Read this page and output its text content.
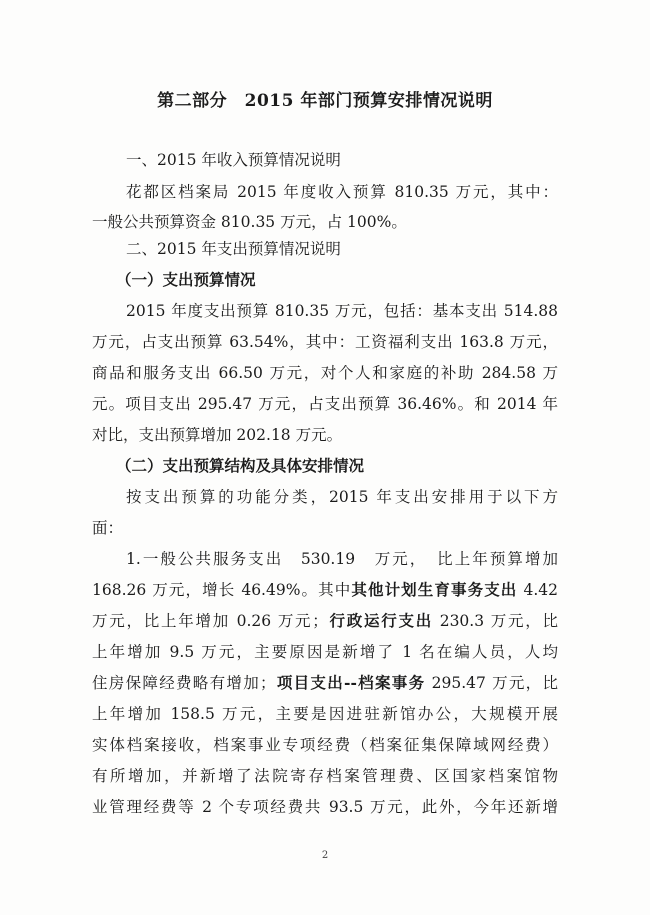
第二部分　2015 年部门预算安排情况说明
一、2015 年收入预算情况说明
花都区档案局 2015 年度收入预算 810.35 万元，其中：
一般公共预算资金 810.35 万元，占 100%。
二、2015 年支出预算情况说明
（一）支出预算情况
2015 年度支出预算 810.35 万元，包括：基本支出 514.88
万元，占支出预算 63.54%，其中：工资福利支出 163.8 万元，
商品和服务支出 66.50 万元，对个人和家庭的补助 284.58 万
元。项目支出 295.47 万元，占支出预算 36.46%。和 2014 年
对比，支出预算增加 202.18 万元。
（二）支出预算结构及具体安排情况
按支出预算的功能分类，2015 年支出安排用于以下方
面：
1.一般公共服务支出　530.19　万元，　比上年预算增加
168.26 万元，增长 46.49%。其中其他计划生育事务支出 4.42
万元，比上年增加 0.26 万元；行政运行支出 230.3 万元，比
上年增加 9.5 万元，主要原因是新增了 1 名在编人员，人均
住房保障经费略有增加；项目支出--档案事务 295.47 万元，比
上年增加 158.5 万元，主要是因进驻新馆办公，大规模开展
实体档案接收，档案事业专项经费（档案征集保障域网经费）
有所增加，并新增了法院寄存档案管理费、区国家档案馆物
业管理经费等 2 个专项经费共 93.5 万元，此外，今年还新增
2
